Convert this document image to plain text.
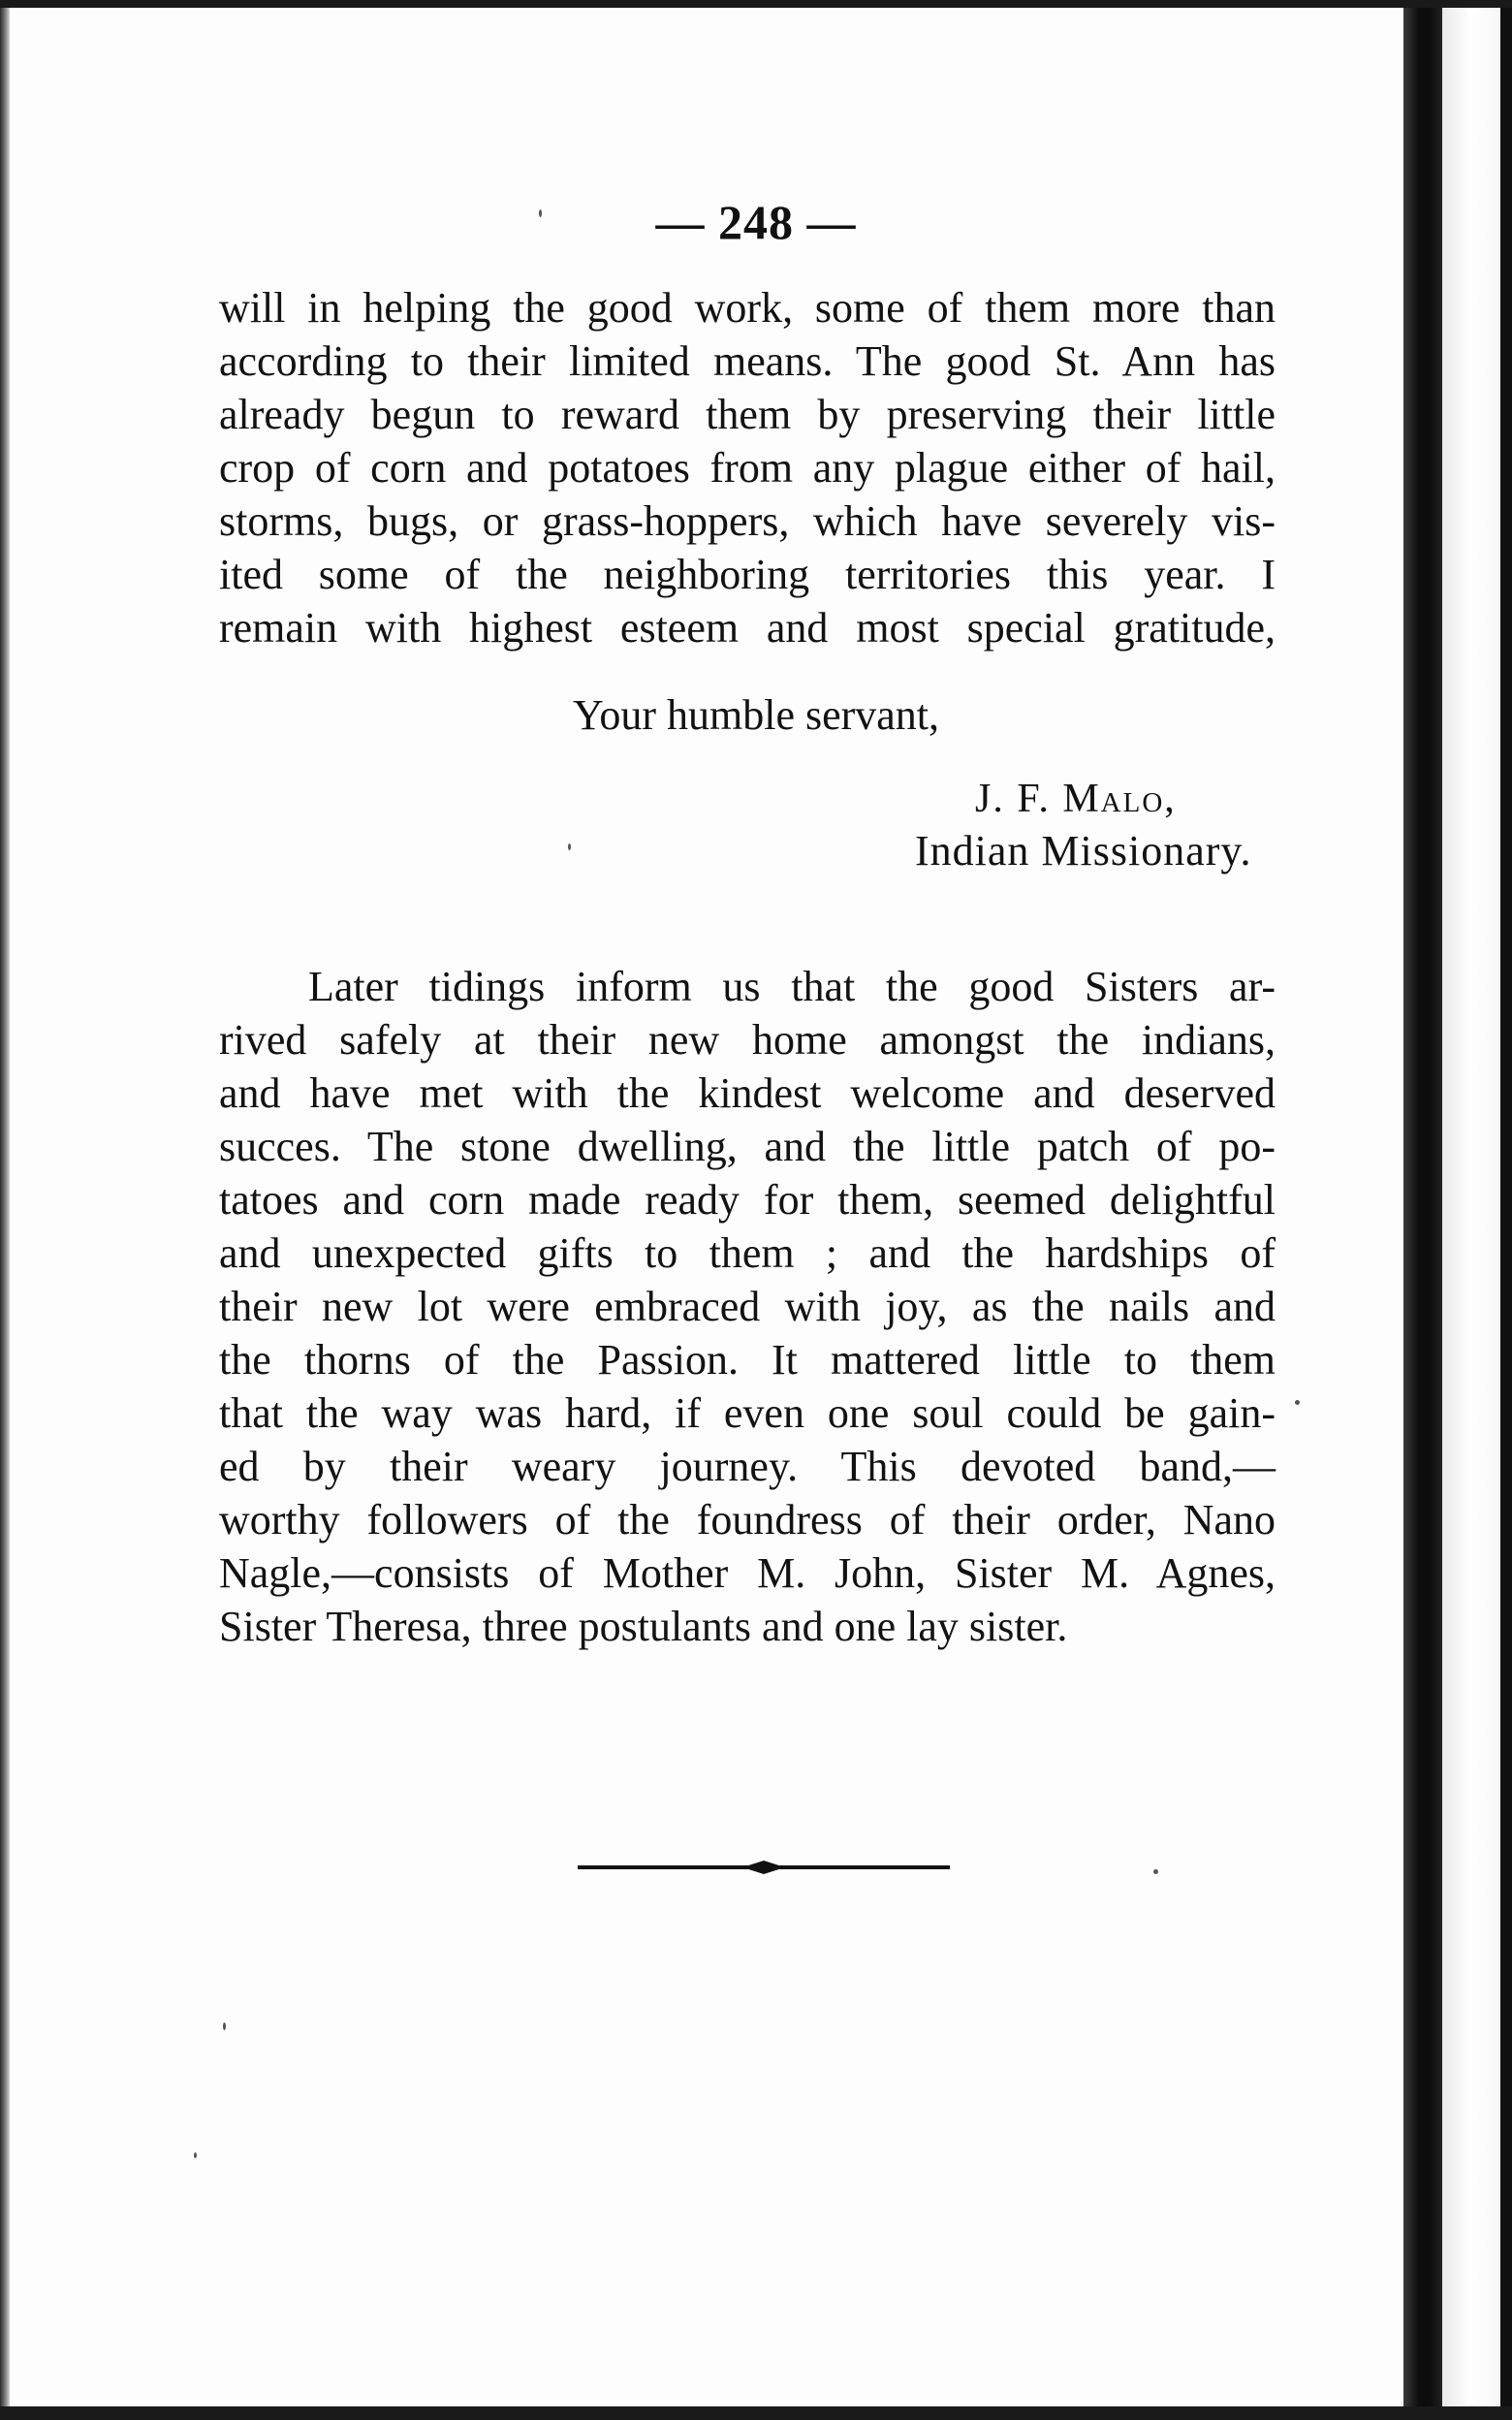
— 248 —
will in helping the good work, some of them more than
according to their limited means. The good St. Ann has
already begun to reward them by preserving their little
crop of corn and potatoes from any plague either of hail,
storms, bugs, or grass-hoppers, which have severely vis-
ited some of the neighboring territories this year. I
remain with highest esteem and most special gratitude,
Your humble servant,
J. F. Malo,
Indian Missionary.
Later tidings inform us that the good Sisters ar-
rived safely at their new home amongst the indians,
and have met with the kindest welcome and deserved
succes. The stone dwelling, and the little patch of po-
tatoes and corn made ready for them, seemed delightful
and unexpected gifts to them ; and the hardships of
their new lot were embraced with joy, as the nails and
the thorns of the Passion. It mattered little to them
that the way was hard, if even one soul could be gain-
ed by their weary journey. This devoted band,—
worthy followers of the foundress of their order, Nano
Nagle,—consists of Mother M. John, Sister M. Agnes,
Sister Theresa, three postulants and one lay sister.
